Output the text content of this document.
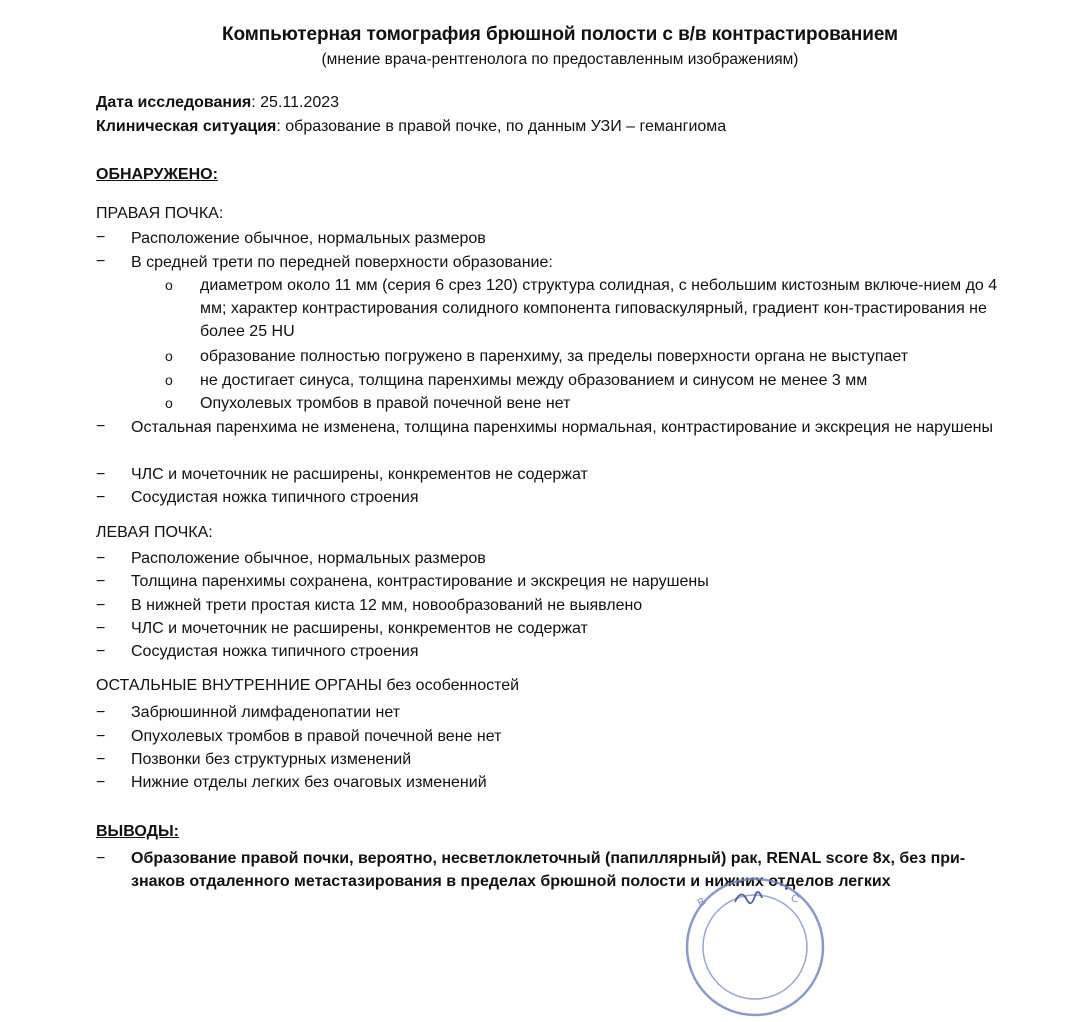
Компьютерная томография брюшной полости с в/в контрастированием
(мнение врача-рентгенолога по предоставленным изображениям)
Дата исследования: 25.11.2023
Клиническая ситуация: образование в правой почке, по данным УЗИ – гемангиома
ОБНАРУЖЕНО:
ПРАВАЯ ПОЧКА:
− Расположение обычное, нормальных размеров
− В средней трети по передней поверхности образование:
o диаметром около 11 мм (серия 6 срез 120) структура солидная, с небольшим кистозным включе-нием до 4 мм; характер контрастирования солидного компонента гиповаскулярный, градиент кон-трастирования не более 25 HU
o образование полностью погружено в паренхиму, за пределы поверхности органа не выступает
o не достигает синуса, толщина паренхимы между образованием и синусом не менее 3 мм
o Опухолевых тромбов в правой почечной вене нет
− Остальная паренхима не изменена, толщина паренхимы нормальная, контрастирование и экскреция не нарушены
− ЧЛС и мочеточник не расширены, конкрементов не содержат
− Сосудистая ножка типичного строения
ЛЕВАЯ ПОЧКА:
− Расположение обычное, нормальных размеров
− Толщина паренхимы сохранена, контрастирование и экскреция не нарушены
− В нижней трети простая киста 12 мм, новообразований не выявлено
− ЧЛС и мочеточник не расширены, конкрементов не содержат
− Сосудистая ножка типичного строения
ОСТАЛЬНЫЕ ВНУТРЕННИЕ ОРГАНЫ без особенностей
− Забрюшинной лимфаденопатии нет
− Опухолевых тромбов в правой почечной вене нет
− Позвонки без структурных изменений
− Нижние отделы легких без очаговых изменений
ВЫВОДЫ:
− Образование правой почки, вероятно, несветлоклеточный (папиллярный) рак, RENAL score 8x, без при-знаков отдаленного метастазирования в пределах брюшной полости и нижних отделов легких
В	С
